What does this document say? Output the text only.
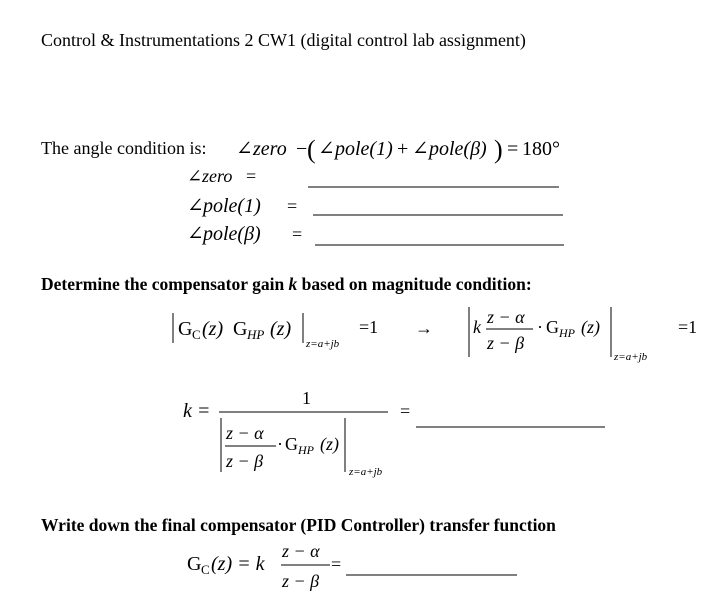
Control & Instrumentations 2 CW1 (digital control lab assignment)
The angle condition is:
Determine the compensator gain k based on magnitude condition:
Write down the final compensator (PID Controller) transfer function
∠ zero − ( ∠ pole(1) + ∠ pole(β) ) = 180°
∠ zero =
∠ pole(1) =
∠ pole(β) =
G C (z) G HP (z)
z=a+jb
=1 → k z − α
z − β
· G HP (z)
z=a+jb
=1
k =
1
z − α
z − β
· G HP (z)
z=a+jb
=
G C (z) = k
z − α
z − β
=
